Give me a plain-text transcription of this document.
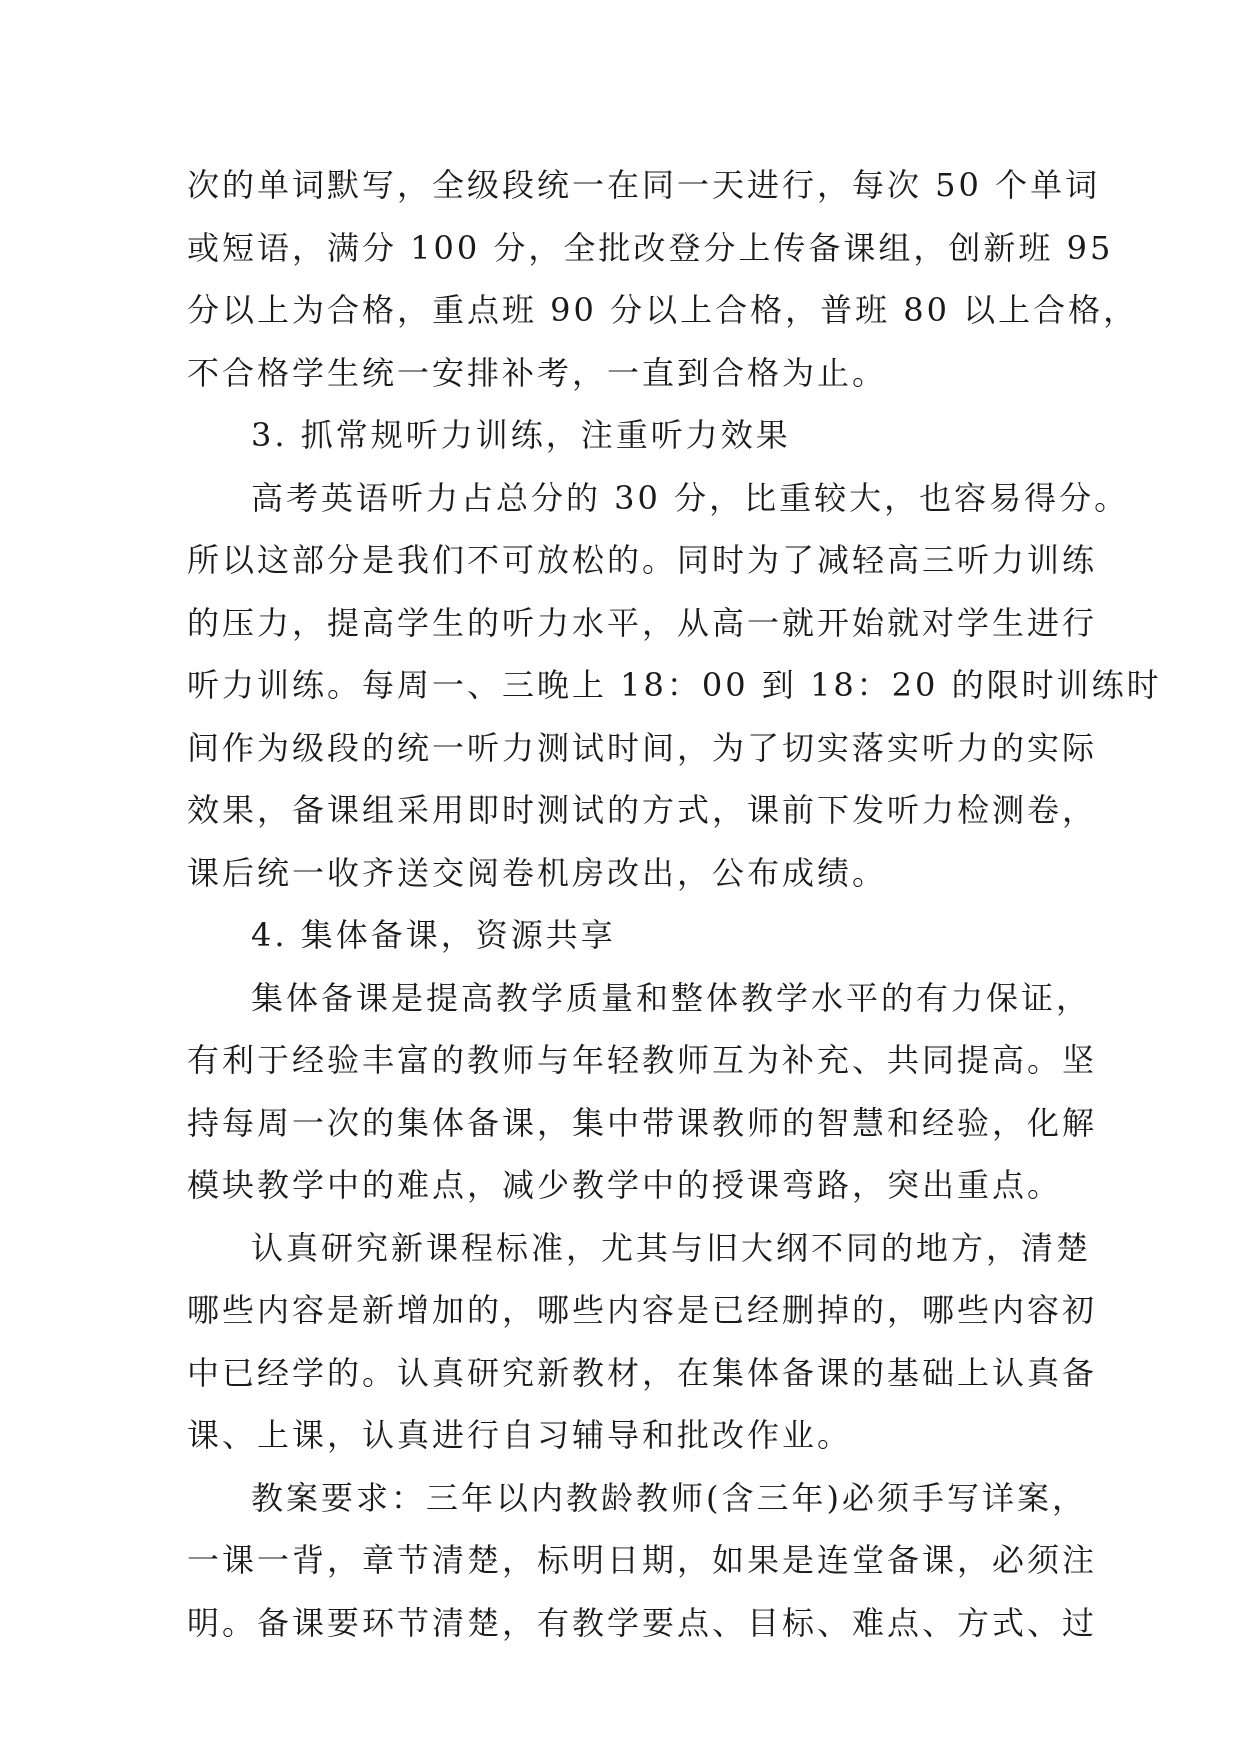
次的单词默写，全级段统一在同一天进行，每次 50 个单词
或短语，满分 100 分，全批改登分上传备课组，创新班 95
分以上为合格，重点班 90 分以上合格，普班 80 以上合格，
不合格学生统一安排补考，一直到合格为止。
3. 抓常规听力训练，注重听力效果
高考英语听力占总分的 30 分，比重较大，也容易得分。
所以这部分是我们不可放松的。同时为了减轻高三听力训练
的压力，提高学生的听力水平，从高一就开始就对学生进行
听力训练。每周一、三晚上 18：00 到 18：20 的限时训练时
间作为级段的统一听力测试时间，为了切实落实听力的实际
效果，备课组采用即时测试的方式，课前下发听力检测卷，
课后统一收齐送交阅卷机房改出，公布成绩。
4. 集体备课，资源共享
集体备课是提高教学质量和整体教学水平的有力保证，
有利于经验丰富的教师与年轻教师互为补充、共同提高。坚
持每周一次的集体备课，集中带课教师的智慧和经验，化解
模块教学中的难点，减少教学中的授课弯路，突出重点。
认真研究新课程标准，尤其与旧大纲不同的地方，清楚
哪些内容是新增加的，哪些内容是已经删掉的，哪些内容初
中已经学的。认真研究新教材，在集体备课的基础上认真备
课、上课，认真进行自习辅导和批改作业。
教案要求：三年以内教龄教师(含三年)必须手写详案，
一课一背，章节清楚，标明日期，如果是连堂备课，必须注
明。备课要环节清楚，有教学要点、目标、难点、方式、过
